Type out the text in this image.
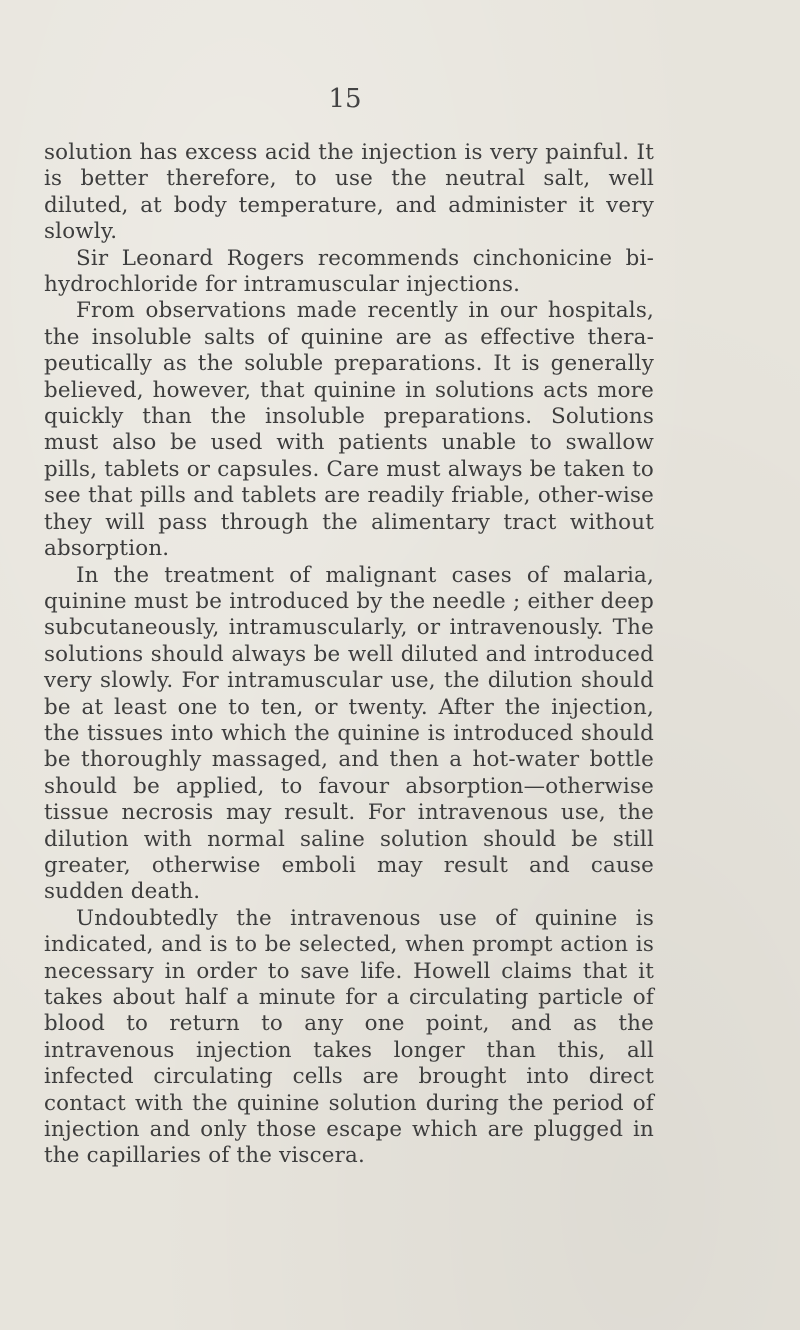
15

solution has excess acid the injection is very painful. It is better therefore, to use the neutral salt, well diluted, at body temperature, and administer it very slowly.

Sir Leonard Rogers recommends cinchonicine bi-hydrochloride for intramuscular injections.

From observations made recently in our hospitals, the insoluble salts of quinine are as effective thera-peutically as the soluble preparations. It is generally believed, however, that quinine in solutions acts more quickly than the insoluble preparations. Solutions must also be used with patients unable to swallow pills, tablets or capsules. Care must always be taken to see that pills and tablets are readily friable, other-wise they will pass through the alimentary tract without absorption.

In the treatment of malignant cases of malaria, quinine must be introduced by the needle ; either deep subcutaneously, intramuscularly, or intravenously. The solutions should always be well diluted and introduced very slowly. For intramuscular use, the dilution should be at least one to ten, or twenty. After the injection, the tissues into which the quinine is introduced should be thoroughly massaged, and then a hot-water bottle should be applied, to favour absorption—otherwise tissue necrosis may result. For intravenous use, the dilution with normal saline solution should be still greater, otherwise emboli may result and cause sudden death.

Undoubtedly the intravenous use of quinine is indicated, and is to be selected, when prompt action is necessary in order to save life. Howell claims that it takes about half a minute for a circulating particle of blood to return to any one point, and as the intravenous injection takes longer than this, all infected circulating cells are brought into direct contact with the quinine solution during the period of injection and only those escape which are plugged in the capillaries of the viscera.
